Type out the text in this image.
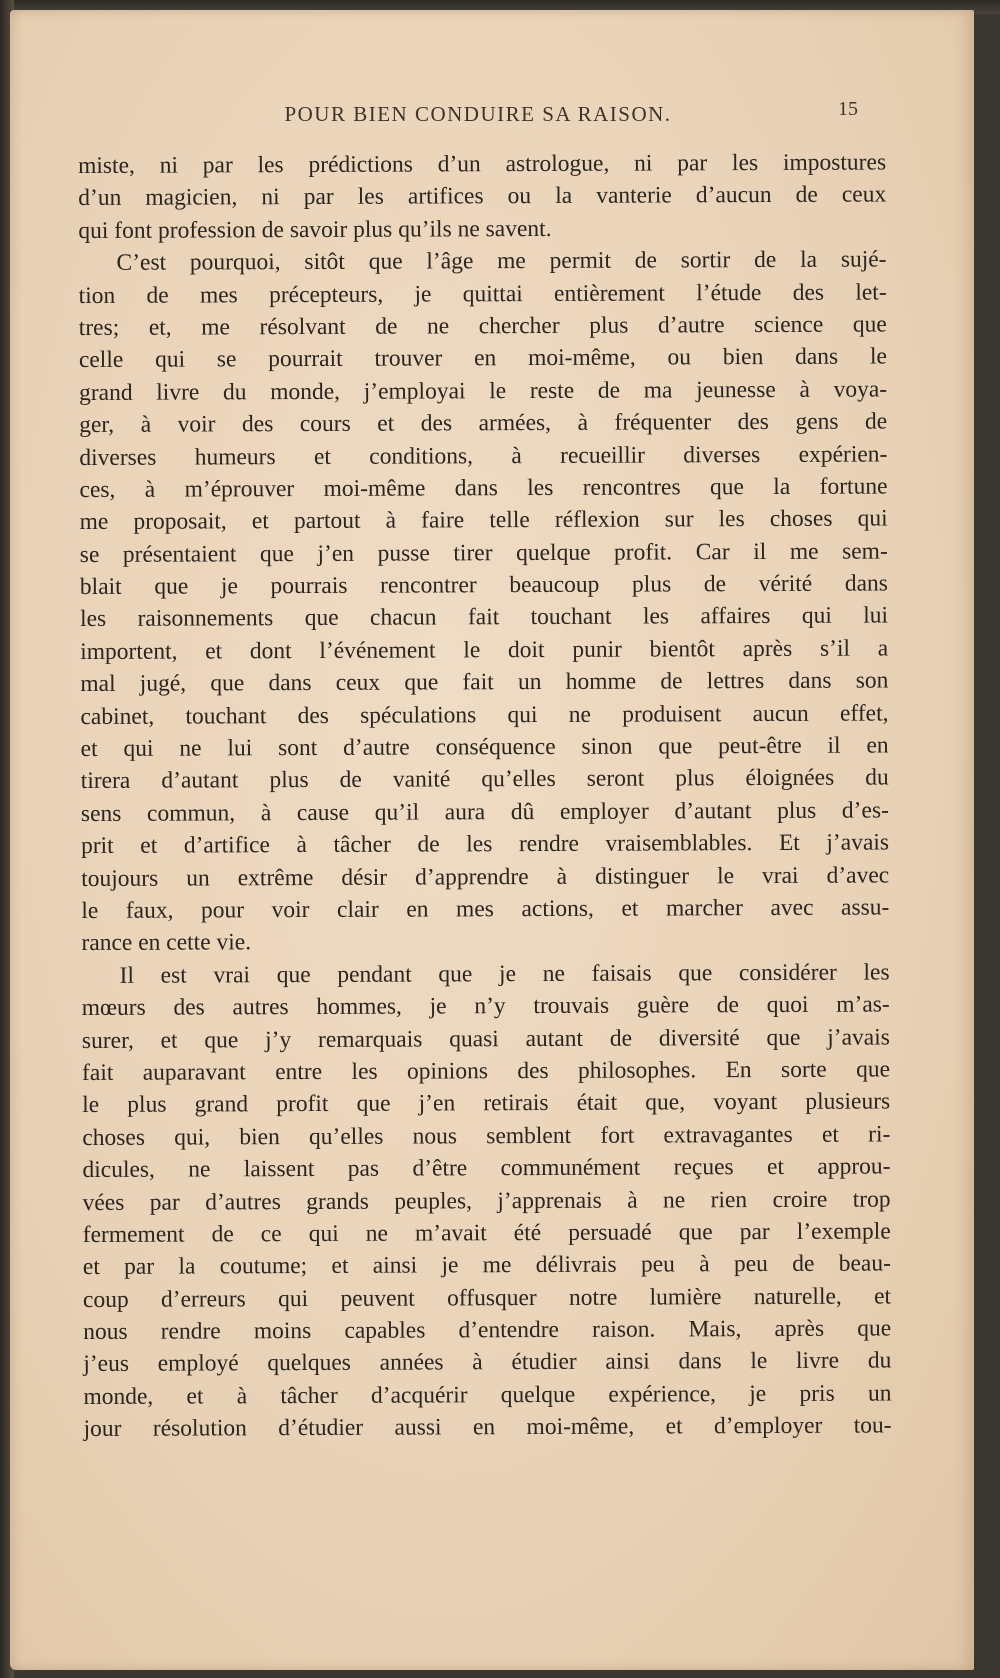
POUR BIEN CONDUIRE SA RAISON.	15
miste, ni par les prédictions d’un astrologue, ni par les impostures
d’un magicien, ni par les artifices ou la vanterie d’aucun de ceux
qui font profession de savoir plus qu’ils ne savent.
C’est pourquoi, sitôt que l’âge me permit de sortir de la sujé-
tion de mes précepteurs, je quittai entièrement l’étude des let-
tres; et, me résolvant de ne chercher plus d’autre science que
celle qui se pourrait trouver en moi-même, ou bien dans le
grand livre du monde, j’employai le reste de ma jeunesse à voya-
ger, à voir des cours et des armées, à fréquenter des gens de
diverses humeurs et conditions, à recueillir diverses expérien-
ces, à m’éprouver moi-même dans les rencontres que la fortune
me proposait, et partout à faire telle réflexion sur les choses qui
se présentaient que j’en pusse tirer quelque profit. Car il me sem-
blait que je pourrais rencontrer beaucoup plus de vérité dans
les raisonnements que chacun fait touchant les affaires qui lui
importent, et dont l’événement le doit punir bientôt après s’il a
mal jugé, que dans ceux que fait un homme de lettres dans son
cabinet, touchant des spéculations qui ne produisent aucun effet,
et qui ne lui sont d’autre conséquence sinon que peut-être il en
tirera d’autant plus de vanité qu’elles seront plus éloignées du
sens commun, à cause qu’il aura dû employer d’autant plus d’es-
prit et d’artifice à tâcher de les rendre vraisemblables. Et j’avais
toujours un extrême désir d’apprendre à distinguer le vrai d’avec
le faux, pour voir clair en mes actions, et marcher avec assu-
rance en cette vie.
Il est vrai que pendant que je ne faisais que considérer les
mœurs des autres hommes, je n’y trouvais guère de quoi m’as-
surer, et que j’y remarquais quasi autant de diversité que j’avais
fait auparavant entre les opinions des philosophes. En sorte que
le plus grand profit que j’en retirais était que, voyant plusieurs
choses qui, bien qu’elles nous semblent fort extravagantes et ri-
dicules, ne laissent pas d’être communément reçues et approu-
vées par d’autres grands peuples, j’apprenais à ne rien croire trop
fermement de ce qui ne m’avait été persuadé que par l’exemple
et par la coutume; et ainsi je me délivrais peu à peu de beau-
coup d’erreurs qui peuvent offusquer notre lumière naturelle, et
nous rendre moins capables d’entendre raison. Mais, après que
j’eus employé quelques années à étudier ainsi dans le livre du
monde, et à tâcher d’acquérir quelque expérience, je pris un
jour résolution d’étudier aussi en moi-même, et d’employer tou-
